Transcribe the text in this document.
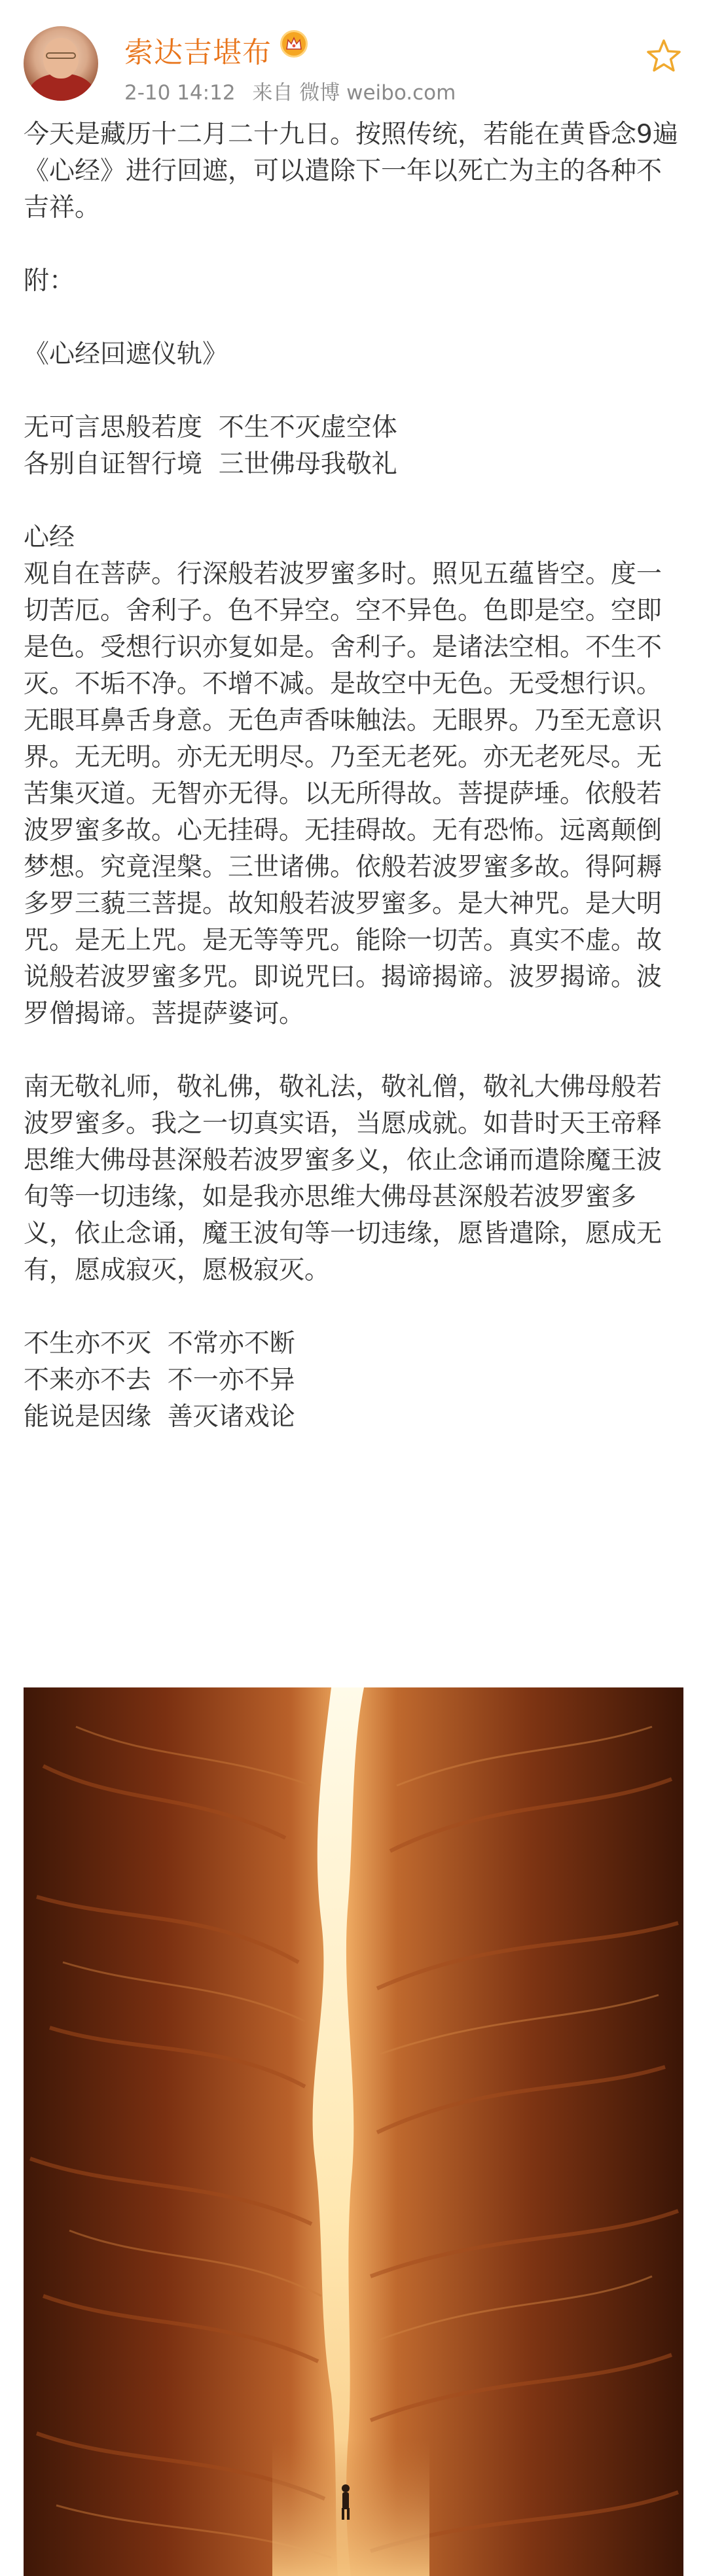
索达吉堪布
2-10 14:12 来自 微博 weibo.com

今天是藏历十二月二十九日。按照传统，若能在黄昏念9遍《心经》进行回遮，可以遣除下一年以死亡为主的各种不吉祥。

附：

《心经回遮仪轨》

无可言思般若度  不生不灭虚空体
各别自证智行境  三世佛母我敬礼

心经
观自在菩萨。行深般若波罗蜜多时。照见五蕴皆空。度一切苦厄。舍利子。色不异空。空不异色。色即是空。空即是色。受想行识亦复如是。舍利子。是诸法空相。不生不灭。不垢不净。不增不减。是故空中无色。无受想行识。无眼耳鼻舌身意。无色声香味触法。无眼界。乃至无意识界。无无明。亦无无明尽。乃至无老死。亦无老死尽。无苦集灭道。无智亦无得。以无所得故。菩提萨埵。依般若波罗蜜多故。心无挂碍。无挂碍故。无有恐怖。远离颠倒梦想。究竟涅槃。三世诸佛。依般若波罗蜜多故。得阿耨多罗三藐三菩提。故知般若波罗蜜多。是大神咒。是大明咒。是无上咒。是无等等咒。能除一切苦。真实不虚。故说般若波罗蜜多咒。即说咒曰。揭谛揭谛。波罗揭谛。波罗僧揭谛。菩提萨婆诃。

南无敬礼师，敬礼佛，敬礼法，敬礼僧，敬礼大佛母般若波罗蜜多。我之一切真实语，当愿成就。如昔时天王帝释思维大佛母甚深般若波罗蜜多义，依止念诵而遣除魔王波旬等一切违缘，如是我亦思维大佛母甚深般若波罗蜜多义，依止念诵，魔王波旬等一切违缘，愿皆遣除，愿成无有，愿成寂灭，愿极寂灭。

不生亦不灭  不常亦不断
不来亦不去  不一亦不异
能说是因缘  善灭诸戏论
